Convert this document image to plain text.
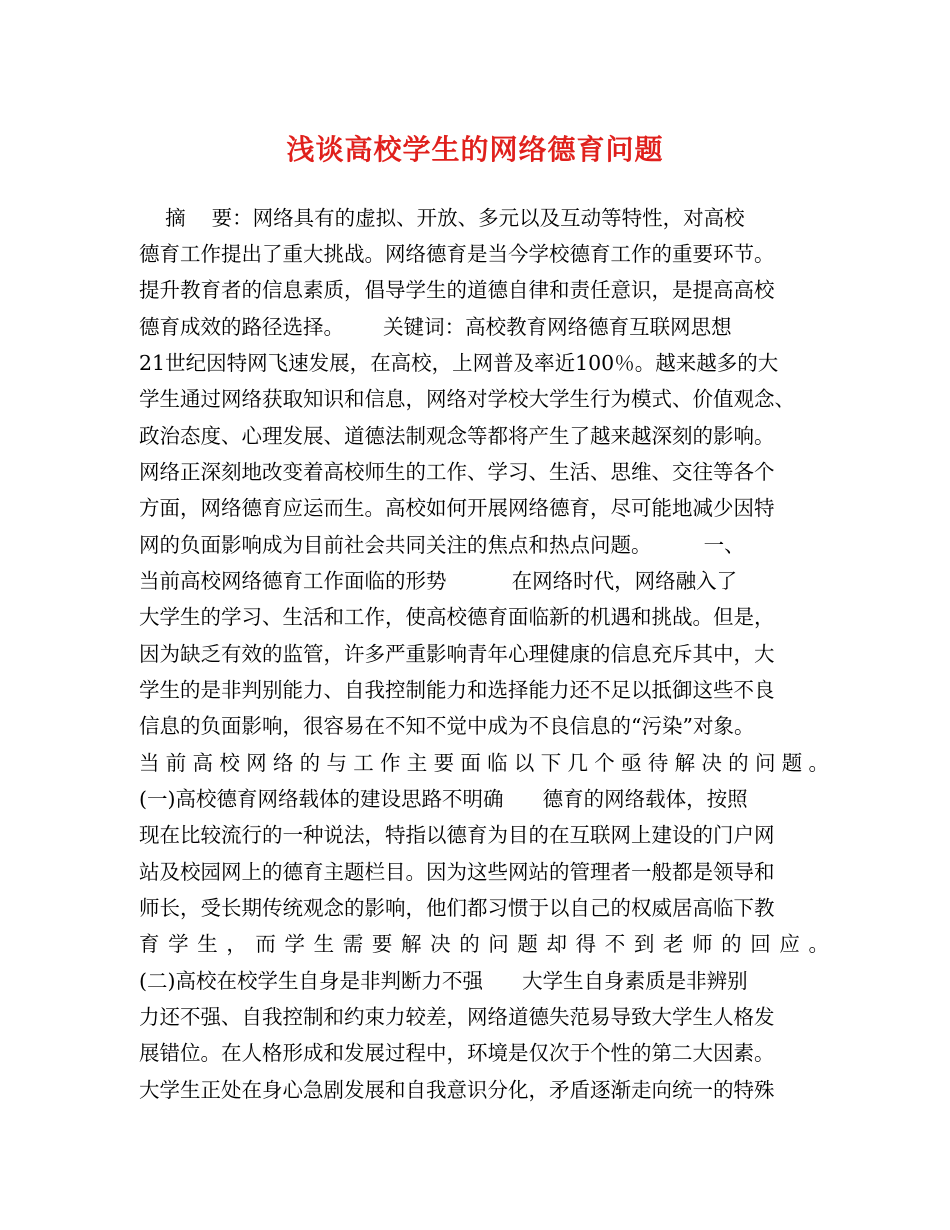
浅谈高校学生的网络德育问题
摘    要：网络具有的虚拟、开放、多元以及互动等特性，对高校
德育工作提出了重大挑战。网络德育是当今学校德育工作的重要环节。
提升教育者的信息素质，倡导学生的道德自律和责任意识，是提高高校
德育成效的路径选择。      关键词：高校教育网络德育互联网思想
21世纪因特网飞速发展，在高校，上网普及率近100％。越来越多的大
学生通过网络获取知识和信息，网络对学校大学生行为模式、价值观念、
政治态度、心理发展、道德法制观念等都将产生了越来越深刻的影响。
网络正深刻地改变着高校师生的工作、学习、生活、思维、交往等各个
方面，网络德育应运而生。高校如何开展网络德育，尽可能地减少因特
网的负面影响成为目前社会共同关注的焦点和热点问题。        一、
当前高校网络德育工作面临的形势          在网络时代，网络融入了
大学生的学习、生活和工作，使高校德育面临新的机遇和挑战。但是，
因为缺乏有效的监管，许多严重影响青年心理健康的信息充斥其中，大
学生的是非判别能力、自我控制能力和选择能力还不足以抵御这些不良
信息的负面影响，很容易在不知不觉中成为不良信息的“污染”对象。
当前高校网络的与工作主要面临以下几个亟待解决的问题。
(一)高校德育网络载体的建设思路不明确      德育的网络载体，按照
现在比较流行的一种说法，特指以德育为目的在互联网上建设的门户网
站及校园网上的德育主题栏目。因为这些网站的管理者一般都是领导和
师长，受长期传统观念的影响，他们都习惯于以自己的权威居高临下教
育学生，而学生需要解决的问题却得不到老师的回应。
(二)高校在校学生自身是非判断力不强      大学生自身素质是非辨别
力还不强、自我控制和约束力较差，网络道德失范易导致大学生人格发
展错位。在人格形成和发展过程中，环境是仅次于个性的第二大因素。
大学生正处在身心急剧发展和自我意识分化，矛盾逐渐走向统一的特殊
